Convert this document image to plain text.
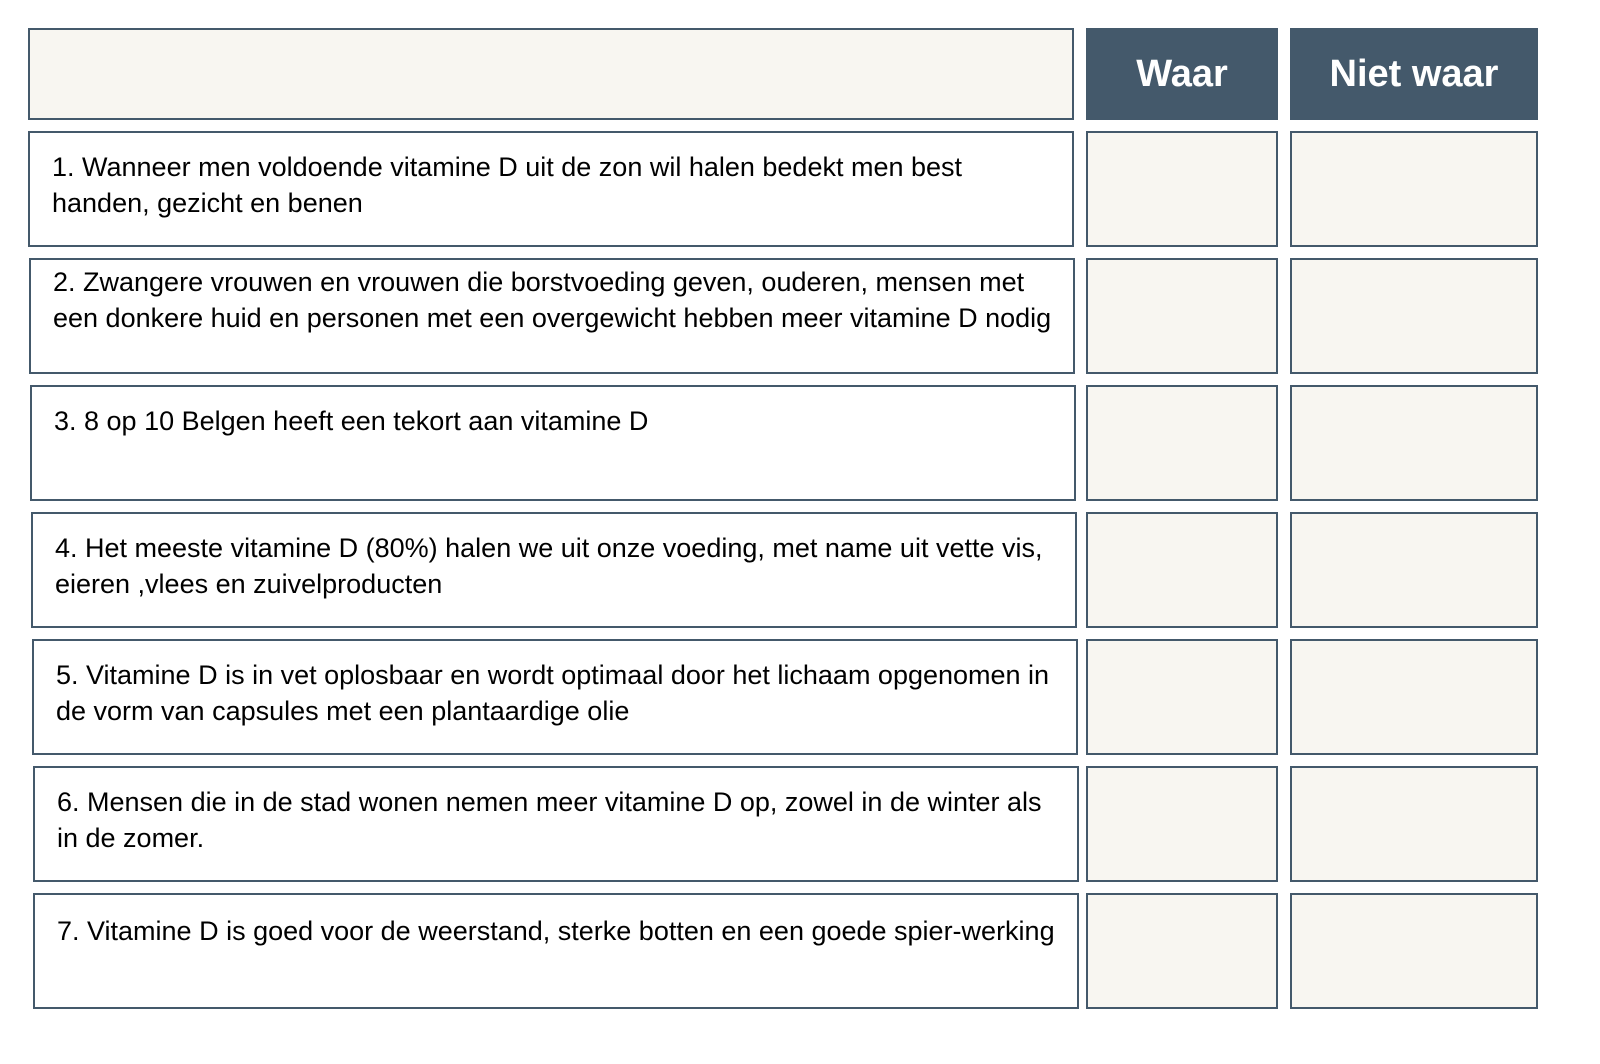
Waar	Niet waar
1. Wanneer men voldoende vitamine D uit de zon wil halen bedekt men best handen, gezicht en benen
2. Zwangere vrouwen en vrouwen die borstvoeding geven, ouderen, mensen met een donkere huid en personen met een overgewicht hebben meer vitamine D nodig
3. 8 op 10 Belgen heeft een tekort aan vitamine D
4. Het meeste vitamine D (80%) halen we uit onze voeding, met name uit vette vis, eieren ,vlees en zuivelproducten
5. Vitamine D is in vet oplosbaar en wordt optimaal door het lichaam opgenomen in de vorm van capsules met een plantaardige olie
6. Mensen die in de stad wonen nemen meer vitamine D op, zowel in de winter als in de zomer.
7. Vitamine D is goed voor de weerstand, sterke botten en een goede spier-werking
